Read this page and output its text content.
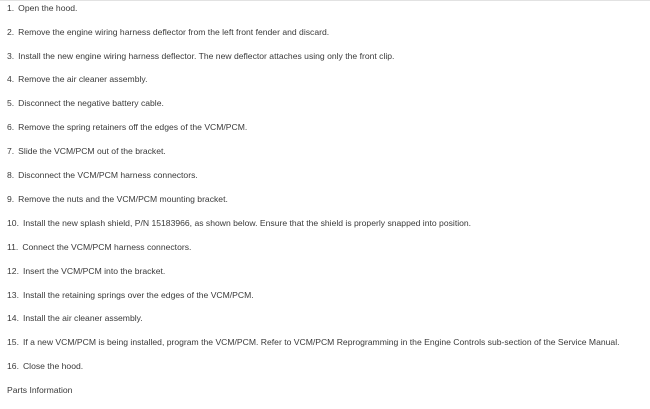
1 . Open the hood.
2 . Remove the engine wiring harness deflector from the left front fender and discard.
3 . Install the new engine wiring harness deflector. The new deflector attaches using only the front clip.
4 . Remove the air cleaner assembly.
5 . Disconnect the negative battery cable.
6 . Remove the spring retainers off the edges of the VCM/PCM.
7 . Slide the VCM/PCM out of the bracket.
8 . Disconnect the VCM/PCM harness connectors.
9 . Remove the nuts and the VCM/PCM mounting bracket.
10 . Install the new splash shield, P/N 15183966, as shown below. Ensure that the shield is properly snapped into position.
11 . Connect the VCM/PCM harness connectors.
12 . Insert the VCM/PCM into the bracket.
13 . Install the retaining springs over the edges of the VCM/PCM.
14 . Install the air cleaner assembly.
15 . If a new VCM/PCM is being installed, program the VCM/PCM. Refer to VCM/PCM Reprogramming in the Engine Controls sub-section of the Service Manual.
16 . Close the hood.
Parts Information
